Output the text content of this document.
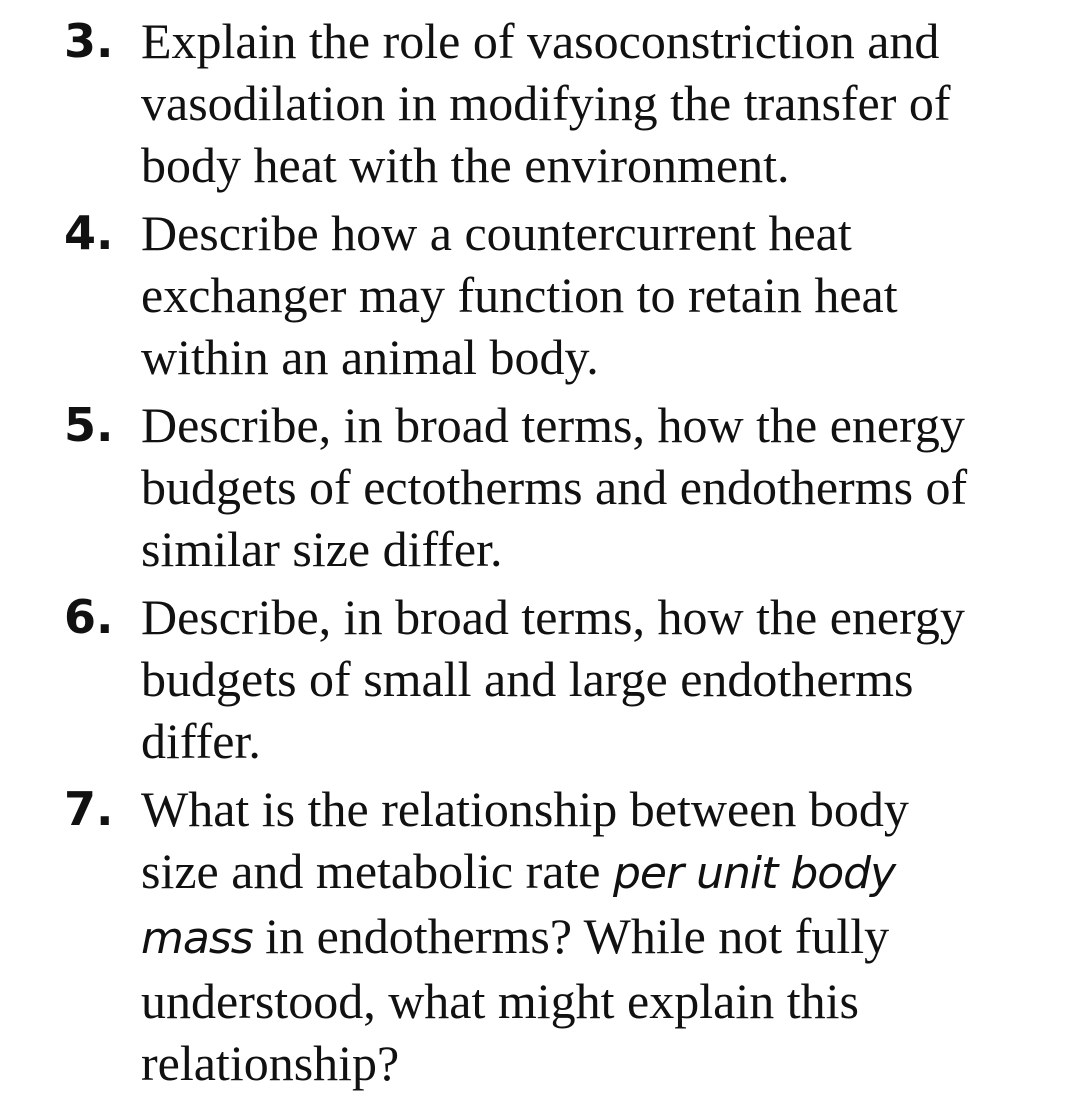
3. Explain the role of vasoconstriction and
vasodilation in modifying the transfer of
body heat with the environment.
4. Describe how a countercurrent heat
exchanger may function to retain heat
within an animal body.
5. Describe, in broad terms, how the energy
budgets of ectotherms and endotherms of
similar size differ.
6. Describe, in broad terms, how the energy
budgets of small and large endotherms
differ.
7. What is the relationship between body
size and metabolic rate per unit body
mass in endotherms? While not fully
understood, what might explain this
relationship?
